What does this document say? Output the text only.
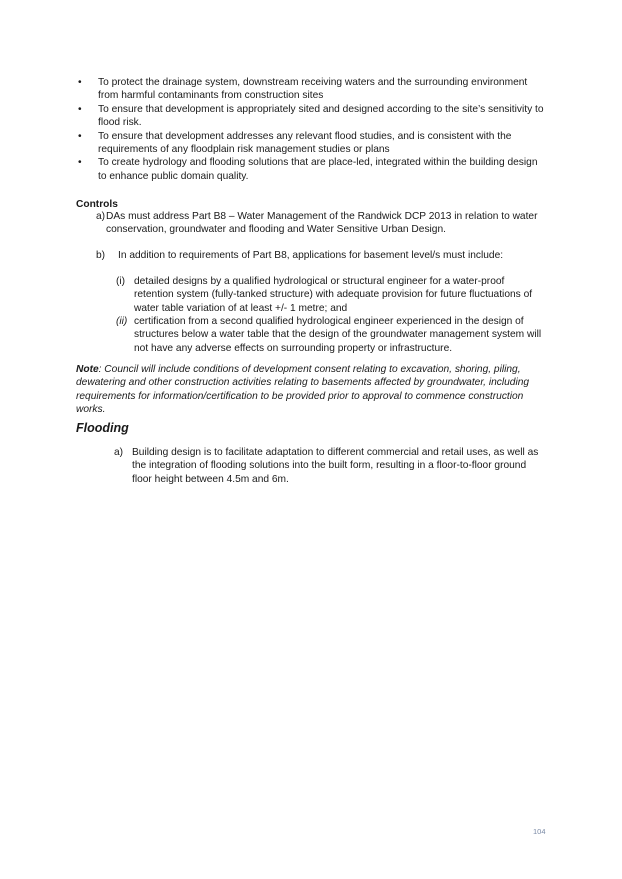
• To protect the drainage system, downstream receiving waters and the surrounding environment from harmful contaminants from construction sites
• To ensure that development is appropriately sited and designed according to the site’s sensitivity to flood risk.
• To ensure that development addresses any relevant flood studies, and is consistent with the requirements of any floodplain risk management studies or plans
• To create hydrology and flooding solutions that are place-led, integrated within the building design to enhance public domain quality.
Controls
a) DAs must address Part B8 – Water Management of the Randwick DCP 2013 in relation to water conservation, groundwater and flooding and Water Sensitive Urban Design.
b)	In addition to requirements of Part B8, applications for basement level/s must include:
(i) detailed designs by a qualified hydrological or structural engineer for a water-proof retention system (fully-tanked structure) with adequate provision for future fluctuations of water table variation of at least +/- 1 metre; and
(ii) certification from a second qualified hydrological engineer experienced in the design of structures below a water table that the design of the groundwater management system will not have any adverse effects on surrounding property or infrastructure.
Note: Council will include conditions of development consent relating to excavation, shoring, piling, dewatering and other construction activities relating to basements affected by groundwater, including requirements for information/certification to be provided prior to approval to commence construction works.
Flooding
a) Building design is to facilitate adaptation to different commercial and retail uses, as well as the integration of flooding solutions into the built form, resulting in a floor-to-floor ground floor height between 4.5m and 6m.
104
